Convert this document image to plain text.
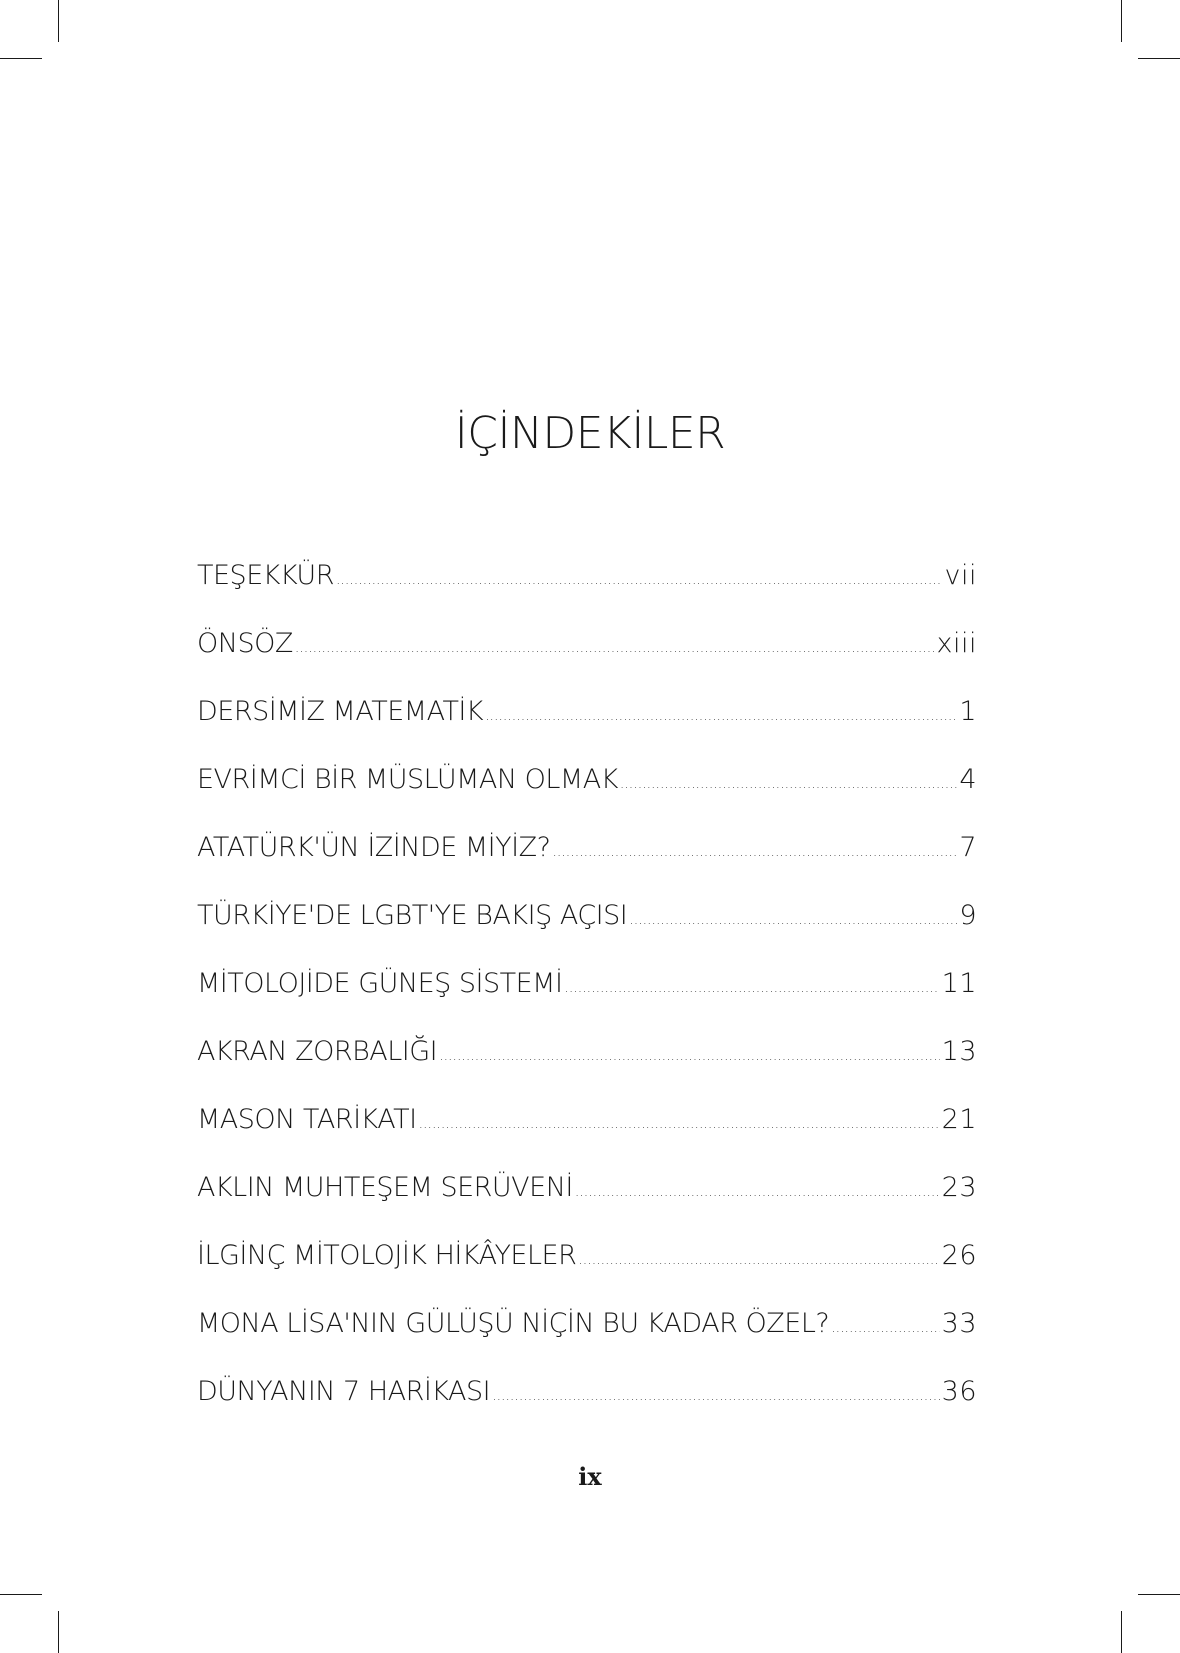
İÇİNDEKİLER
TEŞEKKÜR .....	vii
ÖNSÖZ .....	xiii
DERSİMİZ MATEMATİK .....	1
EVRİMCİ BİR MÜSLÜMAN OLMAK .....	4
ATATÜRK'ÜN İZİNDE MİYİZ? .....	7
TÜRKİYE'DE LGBT'YE BAKIŞ AÇISI .....	9
MİTOLOJİDE GÜNEŞ SİSTEMİ .....	11
AKRAN ZORBALIĞI .....	13
MASON TARİKATI .....	21
AKLIN MUHTEŞEM SERÜVENİ .....	23
İLGİNÇ MİTOLOJİK HİKÂYELER .....	26
MONA LİSA'NIN GÜLÜŞÜ NİÇİN BU KADAR ÖZEL? .....	33
DÜNYANIN 7 HARİKASI .....	36
ix
